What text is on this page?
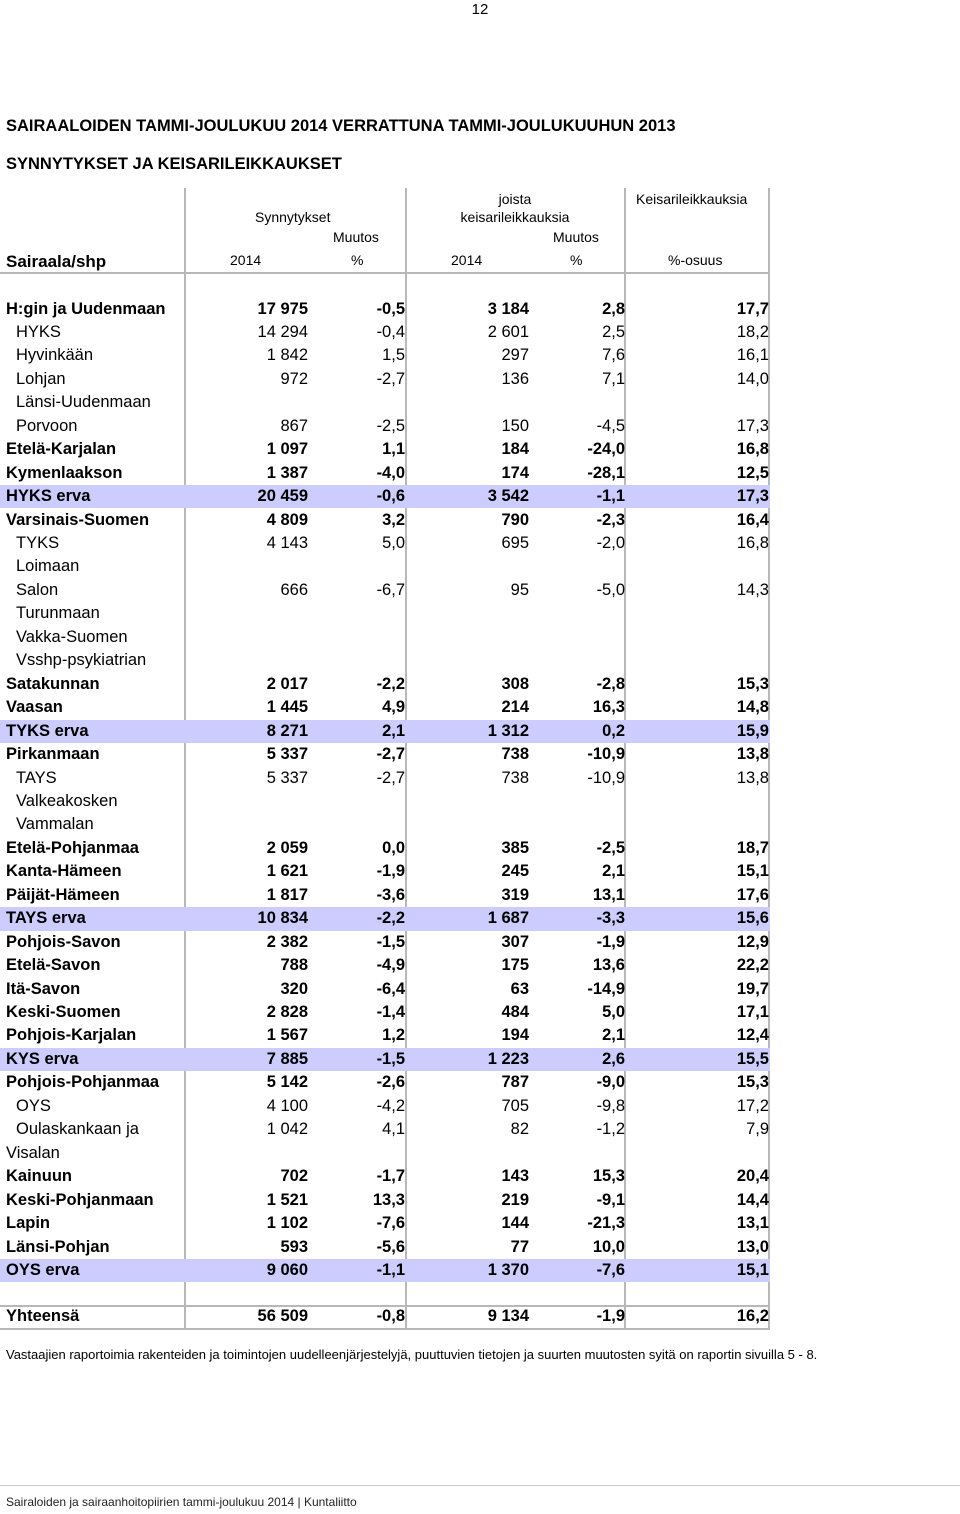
12
SAIRAALOIDEN TAMMI-JOULUKUU 2014 VERRATTUNA TAMMI-JOULUKUUHUN 2013
SYNNYTYKSET JA KEISARILEIKKAUKSET
Synnytykset
joista
keisarileikkauksia
Keisarileikkauksia
Muutos	Muutos
Sairaala/shp	2014	%	2014	%	%-osuus
H:gin ja Uudenmaan	17 975	-0,5	3 184	2,8	17,7
HYKS	14 294	-0,4	2 601	2,5	18,2
Hyvinkään	1 842	1,5	297	7,6	16,1
Lohjan	972	-2,7	136	7,1	14,0
Länsi-Uudenmaan
Porvoon	867	-2,5	150	-4,5	17,3
Etelä-Karjalan	1 097	1,1	184	-24,0	16,8
Kymenlaakson	1 387	-4,0	174	-28,1	12,5
HYKS erva	20 459	-0,6	3 542	-1,1	17,3
Varsinais-Suomen	4 809	3,2	790	-2,3	16,4
TYKS	4 143	5,0	695	-2,0	16,8
Loimaan
Salon	666	-6,7	95	-5,0	14,3
Turunmaan
Vakka-Suomen
Vsshp-psykiatrian
Satakunnan	2 017	-2,2	308	-2,8	15,3
Vaasan	1 445	4,9	214	16,3	14,8
TYKS erva	8 271	2,1	1 312	0,2	15,9
Pirkanmaan	5 337	-2,7	738	-10,9	13,8
TAYS	5 337	-2,7	738	-10,9	13,8
Valkeakosken
Vammalan
Etelä-Pohjanmaa	2 059	0,0	385	-2,5	18,7
Kanta-Hämeen	1 621	-1,9	245	2,1	15,1
Päijät-Hämeen	1 817	-3,6	319	13,1	17,6
TAYS erva	10 834	-2,2	1 687	-3,3	15,6
Pohjois-Savon	2 382	-1,5	307	-1,9	12,9
Etelä-Savon	788	-4,9	175	13,6	22,2
Itä-Savon	320	-6,4	63	-14,9	19,7
Keski-Suomen	2 828	-1,4	484	5,0	17,1
Pohjois-Karjalan	1 567	1,2	194	2,1	12,4
KYS erva	7 885	-1,5	1 223	2,6	15,5
Pohjois-Pohjanmaa	5 142	-2,6	787	-9,0	15,3
OYS	4 100	-4,2	705	-9,8	17,2
Oulaskankaan ja	1 042	4,1	82	-1,2	7,9
Visalan
Kainuun	702	-1,7	143	15,3	20,4
Keski-Pohjanmaan	1 521	13,3	219	-9,1	14,4
Lapin	1 102	-7,6	144	-21,3	13,1
Länsi-Pohjan	593	-5,6	77	10,0	13,0
OYS erva	9 060	-1,1	1 370	-7,6	15,1
Yhteensä	56 509	-0,8	9 134	-1,9	16,2
Vastaajien raportoimia rakenteiden ja toimintojen uudelleenjärjestelyjä, puuttuvien tietojen ja suurten muutosten syitä on raportin sivuilla 5 - 8.
Sairaloiden ja sairaanhoitopiirien tammi-joulukuu 2014 | Kuntaliitto
